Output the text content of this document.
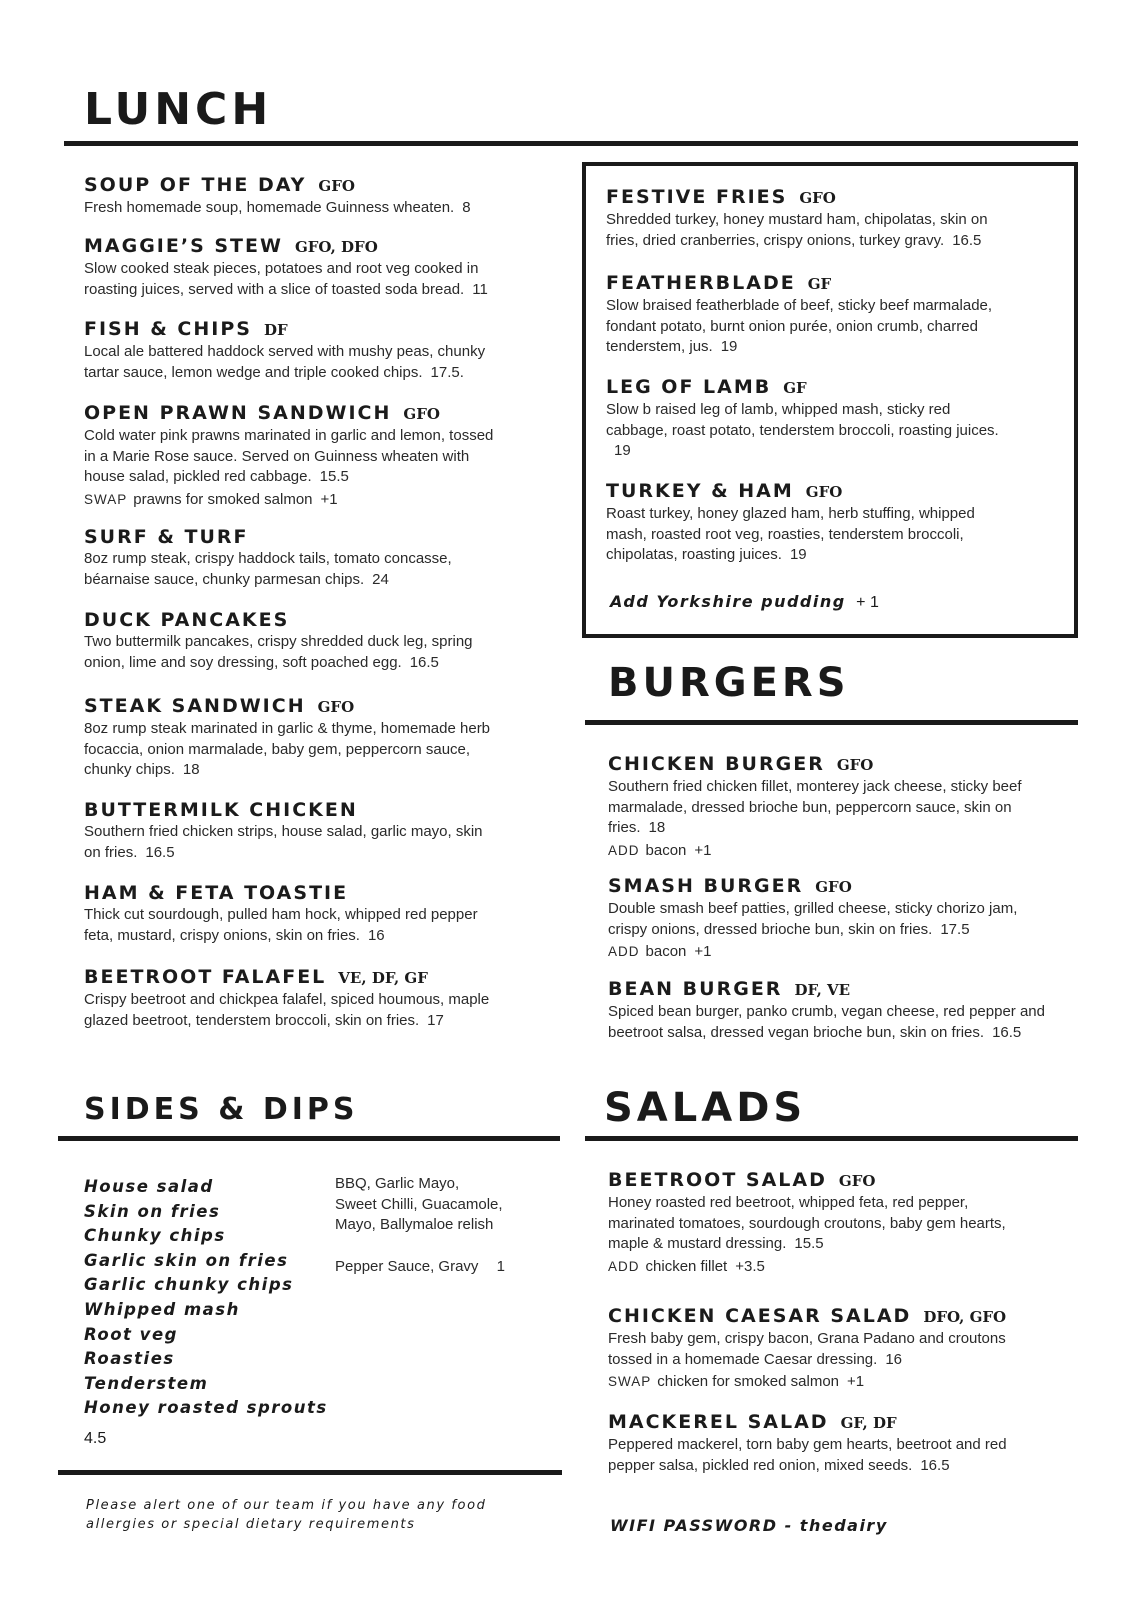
LUNCH
SOUP OF THE DAY GFO
Fresh homemade soup, homemade Guinness wheaten. 8
MAGGIE’S STEW GFO, DFO
Slow cooked steak pieces, potatoes and root veg cooked in
roasting juices, served with a slice of toasted soda bread. 11
FISH & CHIPS DF
Local ale battered haddock served with mushy peas, chunky
tartar sauce, lemon wedge and triple cooked chips. 17.5.
OPEN PRAWN SANDWICH GFO
Cold water pink prawns marinated in garlic and lemon, tossed
in a Marie Rose sauce. Served on Guinness wheaten with
house salad, pickled red cabbage. 15.5
SWAP prawns for smoked salmon +1
SURF & TURF
8oz rump steak, crispy haddock tails, tomato concasse,
béarnaise sauce, chunky parmesan chips. 24
DUCK PANCAKES
Two buttermilk pancakes, crispy shredded duck leg, spring
onion, lime and soy dressing, soft poached egg. 16.5
STEAK SANDWICH GFO
8oz rump steak marinated in garlic & thyme, homemade herb
focaccia, onion marmalade, baby gem, peppercorn sauce,
chunky chips. 18
BUTTERMILK CHICKEN
Southern fried chicken strips, house salad, garlic mayo, skin
on fries. 16.5
HAM & FETA TOASTIE
Thick cut sourdough, pulled ham hock, whipped red pepper
feta, mustard, crispy onions, skin on fries. 16
BEETROOT FALAFEL VE, DF, GF
Crispy beetroot and chickpea falafel, spiced houmous, maple
glazed beetroot, tenderstem broccoli, skin on fries. 17
FESTIVE FRIES GFO
Shredded turkey, honey mustard ham, chipolatas, skin on
fries, dried cranberries, crispy onions, turkey gravy. 16.5
FEATHERBLADE GF
Slow braised featherblade of beef, sticky beef marmalade,
fondant potato, burnt onion purée, onion crumb, charred
tenderstem, jus. 19
LEG OF LAMB GF
Slow b raised leg of lamb, whipped mash, sticky red
cabbage, roast potato, tenderstem broccoli, roasting juices.
19
TURKEY & HAM GFO
Roast turkey, honey glazed ham, herb stuffing, whipped
mash, roasted root veg, roasties, tenderstem broccoli,
chipolatas, roasting juices. 19
Add Yorkshire pudding + 1
BURGERS
CHICKEN BURGER GFO
Southern fried chicken fillet, monterey jack cheese, sticky beef
marmalade, dressed brioche bun, peppercorn sauce, skin on
fries. 18
ADD bacon +1
SMASH BURGER GFO
Double smash beef patties, grilled cheese, sticky chorizo jam,
crispy onions, dressed brioche bun, skin on fries. 17.5
ADD bacon +1
BEAN BURGER DF, VE
Spiced bean burger, panko crumb, vegan cheese, red pepper and
beetroot salsa, dressed vegan brioche bun, skin on fries. 16.5
SIDES & DIPS
House salad
Skin on fries
Chunky chips
Garlic skin on fries
Garlic chunky chips
Whipped mash
Root veg
Roasties
Tenderstem
Honey roasted sprouts
4.5
BBQ, Garlic Mayo,
Sweet Chilli, Guacamole,
Mayo, Ballymaloe relish
Pepper Sauce, Gravy 1
Please alert one of our team if you have any food
allergies or special dietary requirements
SALADS
BEETROOT SALAD GFO
Honey roasted red beetroot, whipped feta, red pepper,
marinated tomatoes, sourdough croutons, baby gem hearts,
maple & mustard dressing. 15.5
ADD chicken fillet +3.5
CHICKEN CAESAR SALAD DFO, GFO
Fresh baby gem, crispy bacon, Grana Padano and croutons
tossed in a homemade Caesar dressing. 16
SWAP chicken for smoked salmon +1
MACKEREL SALAD GF, DF
Peppered mackerel, torn baby gem hearts, beetroot and red
pepper salsa, pickled red onion, mixed seeds. 16.5
WIFI PASSWORD - thedairy
